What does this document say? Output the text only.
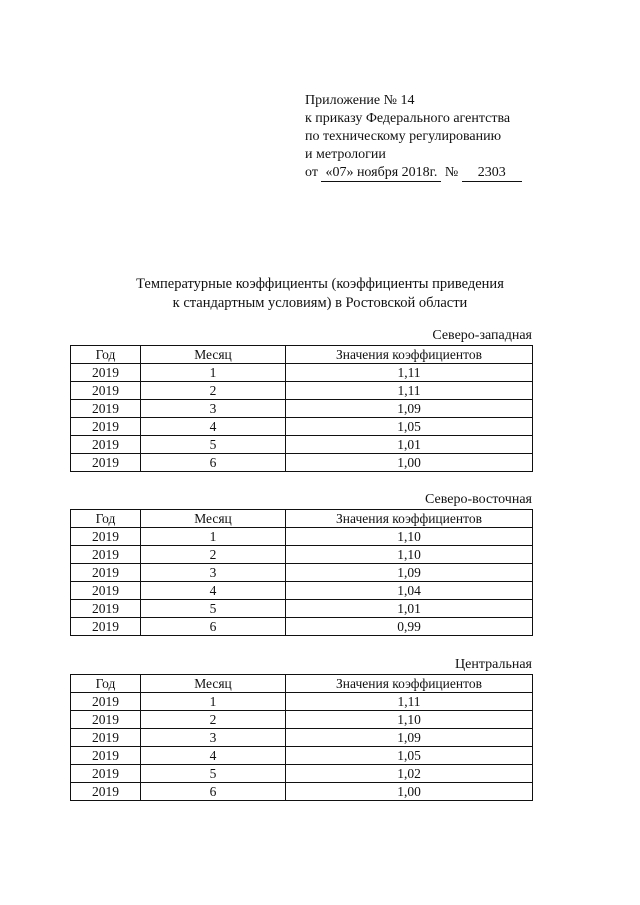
Приложение № 14
к приказу Федерального агентства
по техническому регулированию
и метрологии
от «07» ноября 2018г. № 2303
Температурные коэффициенты (коэффициенты приведения
к стандартным условиям) в Ростовской области
Северо-западная
Год	Месяц	Значения коэффициентов
2019	1	1,11
2019	2	1,11
2019	3	1,09
2019	4	1,05
2019	5	1,01
2019	6	1,00
Северо-восточная
Год	Месяц	Значения коэффициентов
2019	1	1,10
2019	2	1,10
2019	3	1,09
2019	4	1,04
2019	5	1,01
2019	6	0,99
Центральная
Год	Месяц	Значения коэффициентов
2019	1	1,11
2019	2	1,10
2019	3	1,09
2019	4	1,05
2019	5	1,02
2019	6	1,00
